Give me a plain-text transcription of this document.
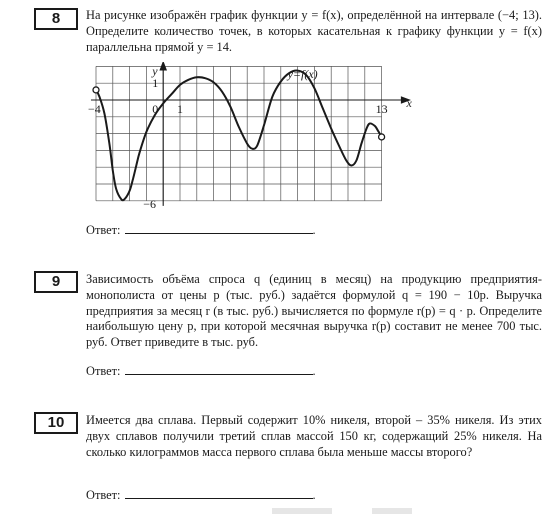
8	На рисунке изображён график функции y = f(x), определённой на интервале (−4; 13). Определите количество точек, в которых касательная к графику функции y = f(x) параллельна прямой y = 14.
y
x
y=f(x)
−4	0 1	13
1
−6
Ответ:	.
9	Зависимость объёма спроса q (единиц в месяц) на продукцию предприятия-монополиста от цены p (тыс. руб.) задаётся формулой q = 190 − 10p. Выручка предприятия за месяц r (в тыс. руб.) вычисляется по формуле r(p) = q · p. Определите наибольшую цену p, при которой месячная выручка r(p) составит не менее 700 тыс. руб. Ответ приведите в тыс. руб.
Ответ:	.
10	Имеется два сплава. Первый содержит 10% никеля, второй – 35% никеля. Из этих двух сплавов получили третий сплав массой 150 кг, содержащий 25% никеля. На сколько килограммов масса первого сплава была меньше массы второго?
Ответ:	.
